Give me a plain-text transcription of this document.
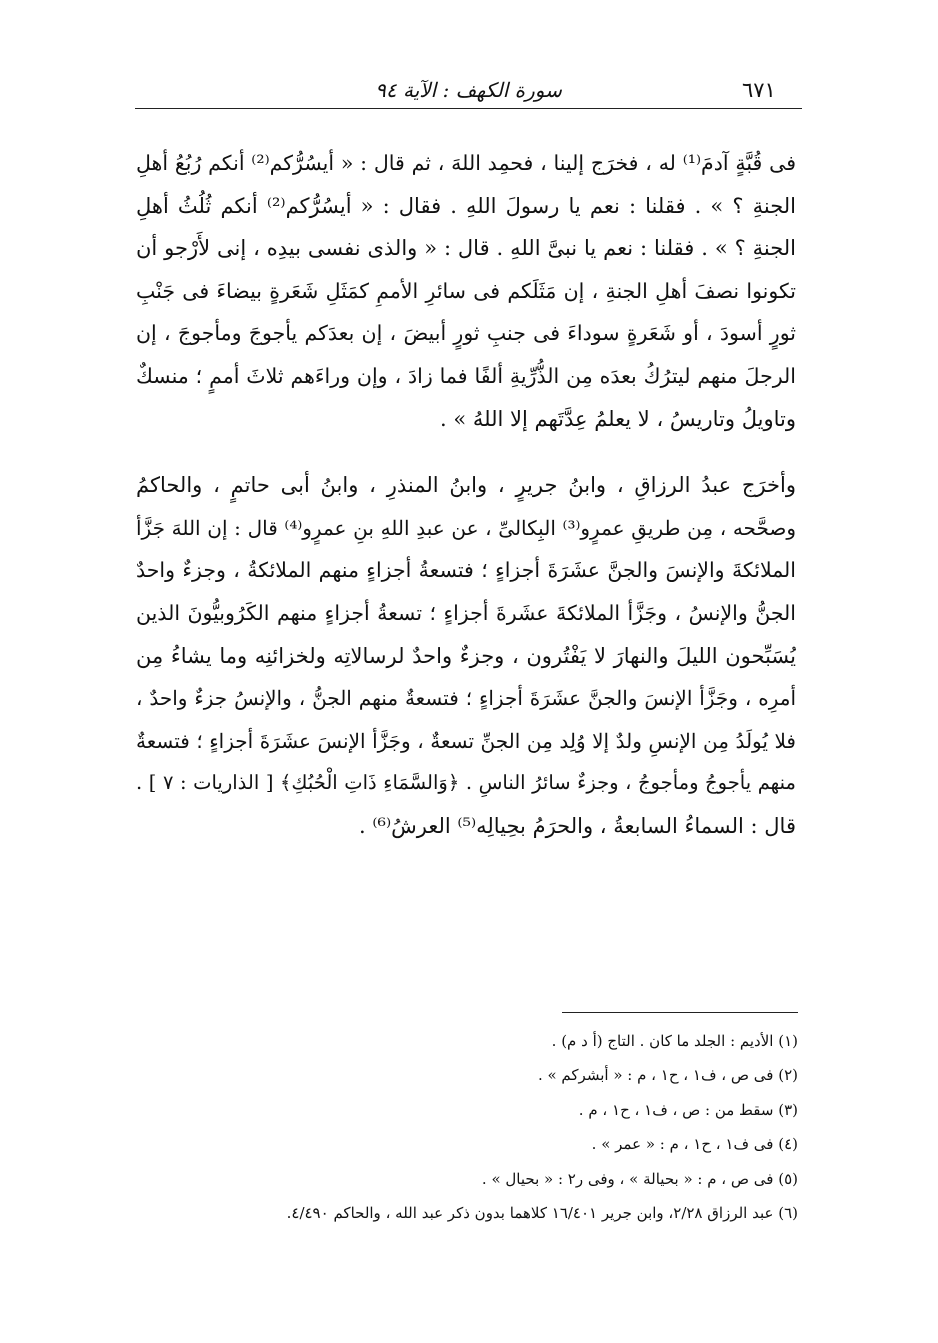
٦٧١
سورة الكهف : الآية ٩٤

فى قُبَّةٍ آدمَ⁽¹⁾ له ، فخرَج إلينا ، فحمِد اللهَ ، ثم قال : « أيسُرُّكم⁽²⁾ أنكم رُبُعُ أهلِ
الجنةِ ؟ » . فقلنا : نعم يا رسولَ اللهِ . فقال : « أيسُرُّكم⁽²⁾ أنكم ثُلُثُ أهلِ
الجنةِ ؟ » . فقلنا : نعم يا نبىَّ اللهِ . قال : « والذى نفسى بيدِه ، إنى لأَرْجو أن
تكونوا نصفَ أهلِ الجنةِ ، إن مَثَلَكم فى سائرِ الأممِ كمَثَلِ شَعَرةٍ بيضاءَ فى جَنْبِ
ثورٍ أسودَ ، أو شَعَرةٍ سوداءَ فى جنبِ ثورٍ أبيضَ ، إن بعدَكم يأجوجَ ومأجوجَ ، إن
الرجلَ منهم ليترُكُ بعدَه مِن الذُّرِّيةِ ألفًا فما زادَ ، وإن وراءَهم ثلاثَ أممٍ ؛ منسكٌ
وتاويلُ وتاريسُ ، لا يعلمُ عِدَّتَهم إلا اللهُ » .

وأخرَج عبدُ الرزاقِ ، وابنُ جريرٍ ، وابنُ المنذرِ ، وابنُ أبى حاتمٍ ، والحاكمُ
وصحَّحه ، مِن طريقِ عمرٍو⁽³⁾ البِكالىِّ ، عن عبدِ اللهِ بنِ عمرٍو⁽⁴⁾ قال : إن اللهَ جَزَّأ
الملائكةَ والإنسَ والجنَّ عشَرَةَ أجزاءٍ ؛ فتسعةُ أجزاءٍ منهم الملائكةُ ، وجزءٌ واحدٌ
الجنُّ والإنسُ ، وجَزَّأ الملائكةَ عشَرةَ أجزاءٍ ؛ تسعةُ أجزاءٍ منهم الكَرُوبيُّونَ الذين
يُسَبِّحون الليلَ والنهارَ لا يَفْتُرون ، وجزءٌ واحدٌ لرسالاتِه ولخزائنِه وما يشاءُ مِن
أمرِه ، وجَزَّأ الإنسَ والجنَّ عشَرَةَ أجزاءٍ ؛ فتسعةٌ منهم الجنُّ ، والإنسُ جزءٌ واحدٌ ،
فلا يُولَدُ مِن الإنسِ ولدٌ إلا وُلِد مِن الجنِّ تسعةٌ ، وجَزَّأ الإنسَ عشَرَةَ أجزاءٍ ؛ فتسعةٌ
منهم يأجوجُ ومأجوجُ ، وجزءٌ سائرُ الناسِ . ﴿وَالسَّمَاءِ ذَاتِ الْحُبُكِ﴾ [ الذاريات : ٧ ] .
قال : السماءُ السابعةُ ، والحرَمُ بحِيالِه⁽⁵⁾ العرشُ⁽⁶⁾ .

(١) الأديم : الجلد ما كان . التاج (أ د م) .
(٢) فى ص ، ف١ ، ح١ ، م : « أبشركم » .
(٣) سقط من : ص ، ف١ ، ح١ ، م .
(٤) فى ف١ ، ح١ ، م : « عمر » .
(٥) فى ص ، م : « بحيالة » ، وفى ر٢ : « بحيال » .
(٦) عبد الرزاق ٢/٢٨، وابن جرير ١٦/٤٠١ كلاهما بدون ذكر عبد الله ، والحاكم ٤/٤٩٠.
